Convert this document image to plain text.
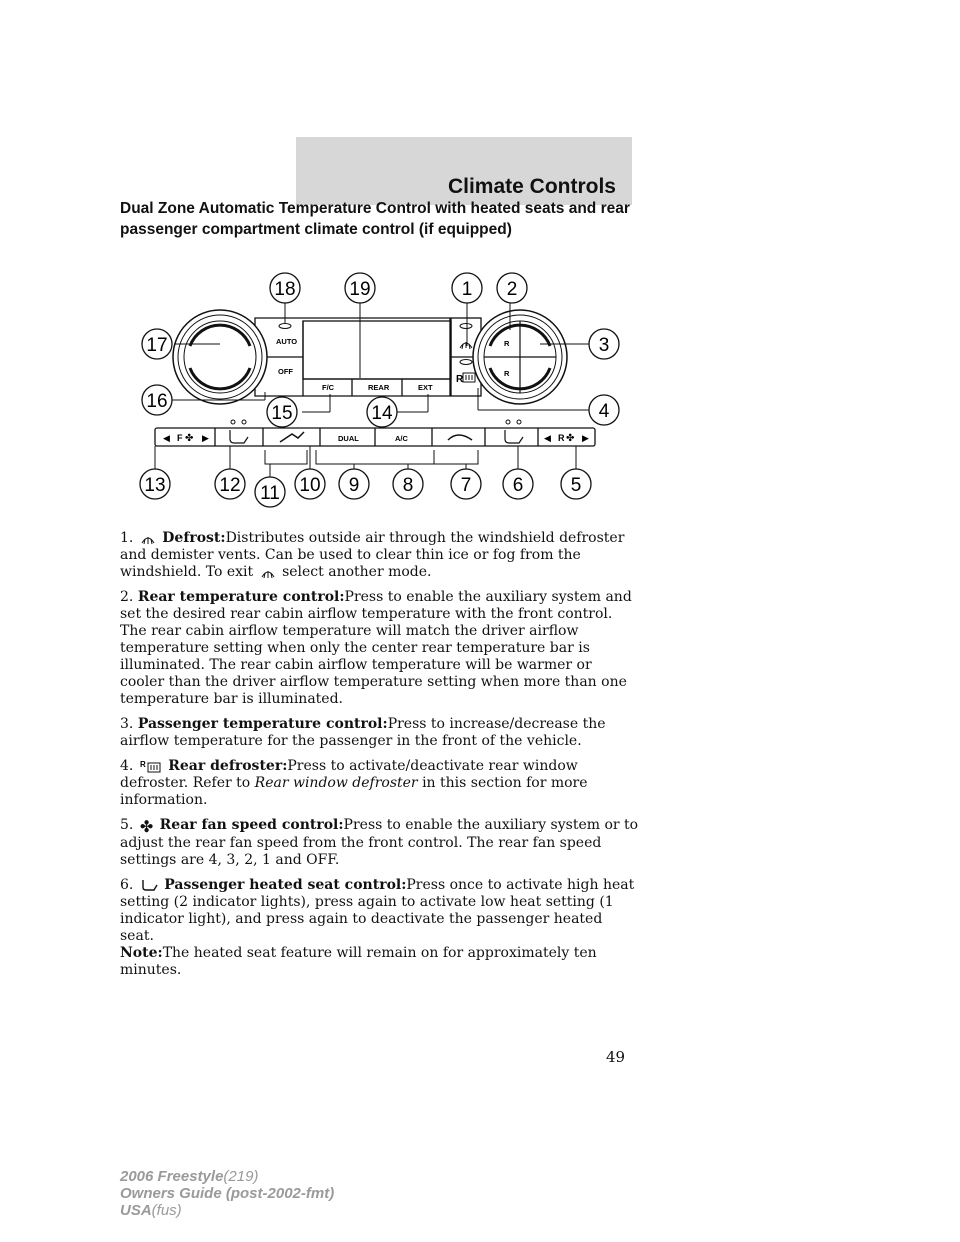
Climate Controls
Dual Zone Automatic Temperature Control with heated seats and rear passenger compartment climate control (if equipped)
AUTO
OFF
F/C	REAR	EXT
R
R
R
◀ F ✤ ▶	DUAL	A/C	◀ R ✤ ▶
18	19	1 2
17	3
16
15	14	4
13	12 11 10 9 8 7 6 5

1. Defrost:Distributes outside air through the windshield defroster and demister vents. Can be used to clear thin ice or fog from the windshield. To exit select another mode.

2. Rear temperature control:Press to enable the auxiliary system and set the desired rear cabin airflow temperature with the front control. The rear cabin airflow temperature will match the driver airflow temperature setting when only the center rear temperature bar is illuminated. The rear cabin airflow temperature will be warmer or cooler than the driver airflow temperature setting when more than one temperature bar is illuminated.

3. Passenger temperature control:Press to increase/decrease the airflow temperature for the passenger in the front of the vehicle.

4. R Rear defroster:Press to activate/deactivate rear window defroster. Refer to Rear window defroster in this section for more information.

5. ✤ Rear fan speed control:Press to enable the auxiliary system or to adjust the rear fan speed from the front control. The rear fan speed settings are 4, 3, 2, 1 and OFF.

6. Passenger heated seat control:Press once to activate high heat setting (2 indicator lights), press again to activate low heat setting (1 indicator light), and press again to deactivate the passenger heated seat.
Note:The heated seat feature will remain on for approximately ten minutes.

49
2006 Freestyle(219)
Owners Guide (post-2002-fmt)
USA(fus)
